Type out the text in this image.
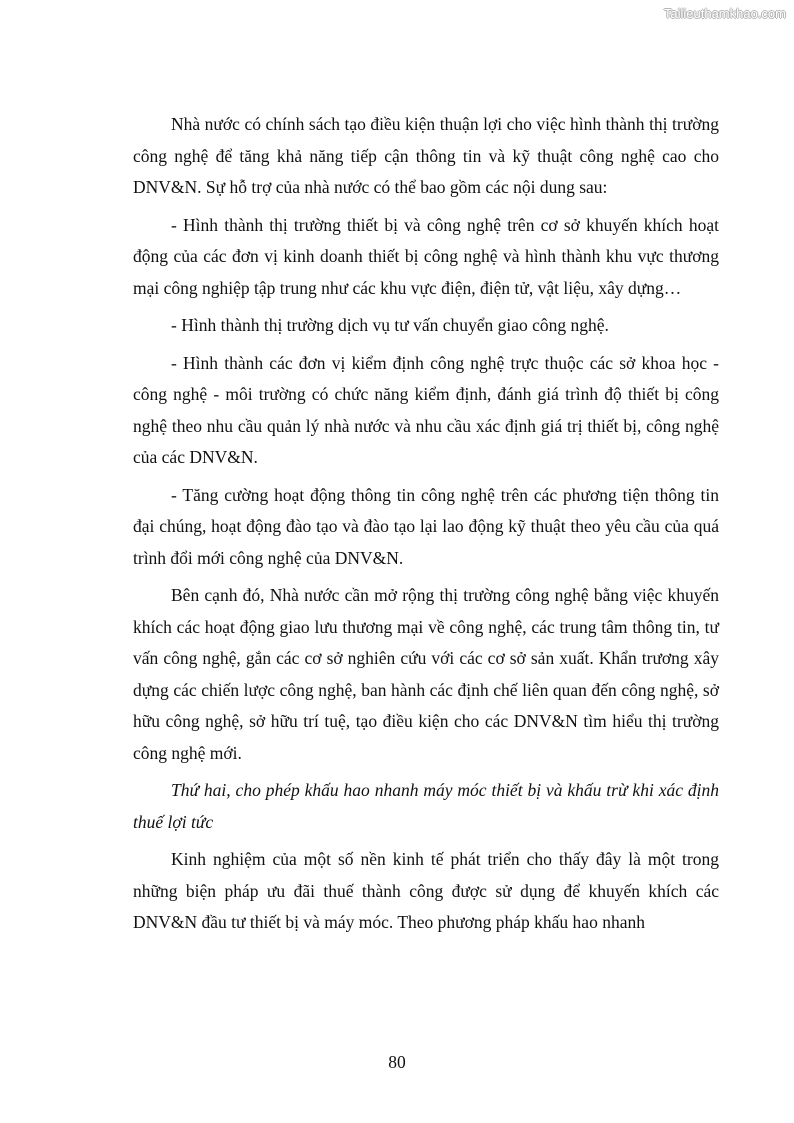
Tailieuthamkhao.com

Nhà nước có chính sách tạo điều kiện thuận lợi cho việc hình thành thị trường công nghệ để tăng khả năng tiếp cận thông tin và kỹ thuật công nghệ cao cho DNV&N. Sự hỗ trợ của nhà nước có thể bao gồm các nội dung sau:

- Hình thành thị trường thiết bị và công nghệ trên cơ sở khuyến khích hoạt động của các đơn vị kinh doanh thiết bị công nghệ và hình thành khu vực thương mại công nghiệp tập trung như các khu vực điện, điện tử, vật liệu, xây dựng…

- Hình thành thị trường dịch vụ tư vấn chuyển giao công nghệ.

- Hình thành các đơn vị kiểm định công nghệ trực thuộc các sở khoa học - công nghệ - môi trường có chức năng kiểm định, đánh giá trình độ thiết bị công nghệ theo nhu cầu quản lý nhà nước và nhu cầu xác định giá trị thiết bị, công nghệ của các DNV&N.

- Tăng cường hoạt động thông tin công nghệ trên các phương tiện thông tin đại chúng, hoạt động đào tạo và đào tạo lại lao động kỹ thuật theo yêu cầu của quá trình đổi mới công nghệ của DNV&N.

Bên cạnh đó, Nhà nước cần mở rộng thị trường công nghệ bằng việc khuyến khích các hoạt động giao lưu thương mại về công nghệ, các trung tâm thông tin, tư vấn công nghệ, gắn các cơ sở nghiên cứu với các cơ sở sản xuất. Khẩn trương xây dựng các chiến lược công nghệ, ban hành các định chế liên quan đến công nghệ, sở hữu công nghệ, sở hữu trí tuệ, tạo điều kiện cho các DNV&N tìm hiểu thị trường công nghệ mới.

Thứ hai, cho phép khấu hao nhanh máy móc thiết bị và khấu trừ khi xác định thuế lợi tức

Kinh nghiệm của một số nền kinh tế phát triển cho thấy đây là một trong những biện pháp ưu đãi thuế thành công được sử dụng để khuyến khích các DNV&N đầu tư thiết bị và máy móc. Theo phương pháp khấu hao nhanh

80
